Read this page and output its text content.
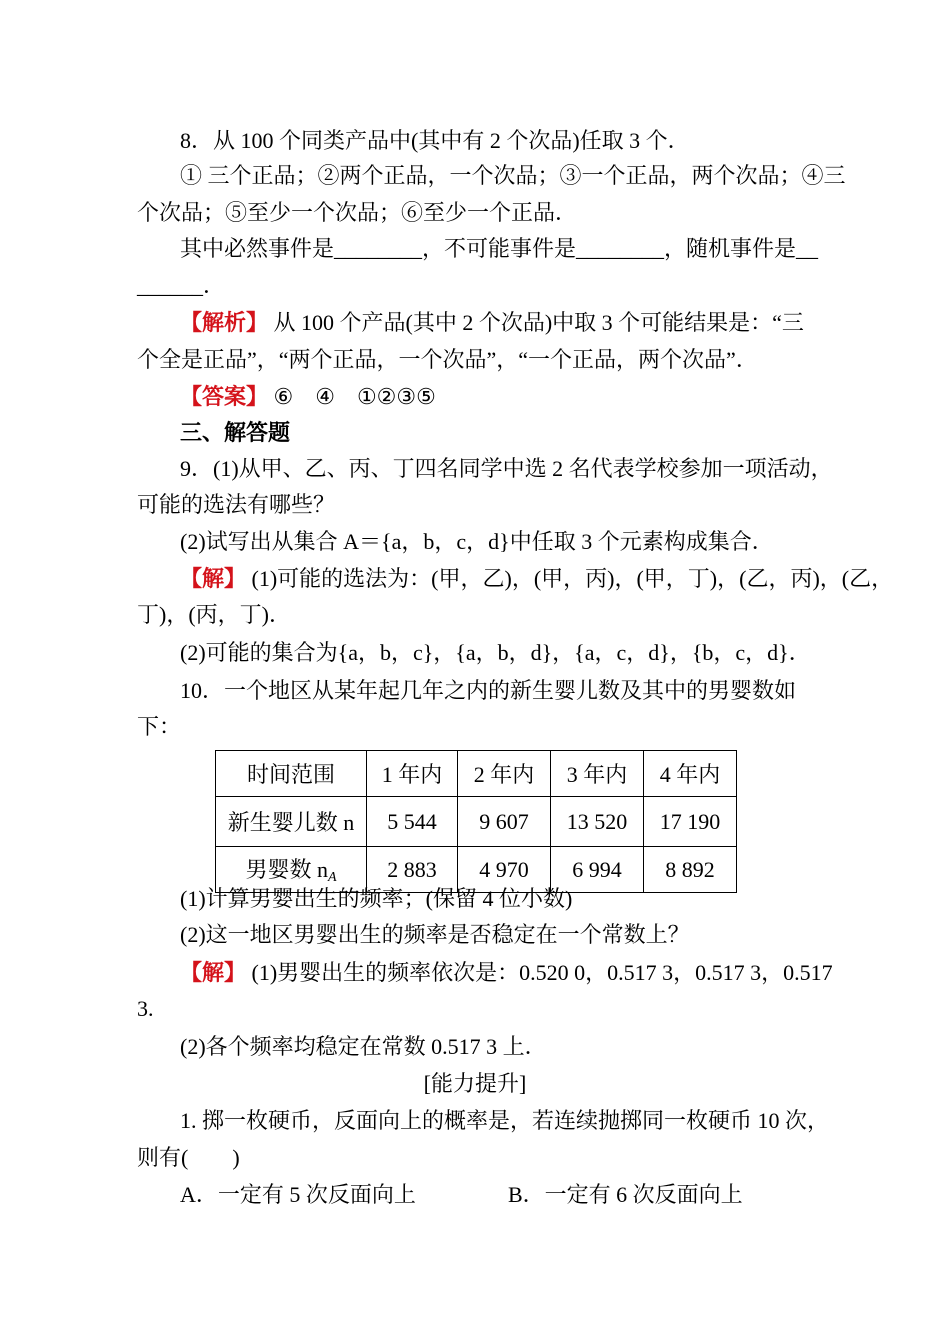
8．从 100 个同类产品中(其中有 2 个次品)任取 3 个．
① 三个正品；②两个正品，一个次品；③一个正品，两个次品；④三
个次品；⑤至少一个次品；⑥至少一个正品．
其中必然事件是________，不可能事件是________，随机事件是__
______．
【解析】 从 100 个产品(其中 2 个次品)中取 3 个可能结果是：“三
个全是正品”，“两个正品，一个次品”，“一个正品，两个次品”．
【答案】 ⑥　④　①②③⑤
三、解答题
9．(1)从甲、乙、丙、丁四名同学中选 2 名代表学校参加一项活动，
可能的选法有哪些？
(2)试写出从集合 A＝{a，b，c，d}中任取 3 个元素构成集合．
【解】 (1)可能的选法为：(甲，乙)，(甲，丙)，(甲，丁)，(乙，丙)，(乙，
丁)，(丙，丁)．
(2)可能的集合为{a，b，c}，{a，b，d}，{a，c，d}，{b，c，d}．
10．一个地区从某年起几年之内的新生婴儿数及其中的男婴数如
下：
时间范围	1 年内	2 年内	3 年内	4 年内
新生婴儿数 n	5 544	9 607	13 520	17 190
男婴数 $n_A$	2 883	4 970	6 994	8 892
(1)计算男婴出生的频率；(保留 4 位小数)
(2)这一地区男婴出生的频率是否稳定在一个常数上？
【解】 (1)男婴出生的频率依次是：0.520 0，0.517 3，0.517 3，0.517
3.
(2)各个频率均稳定在常数 0.517 3 上．
[能力提升]
1. 掷一枚硬币，反面向上的概率是，若连续抛掷同一枚硬币 10 次，
则有(　　)
A．一定有 5 次反面向上	B．一定有 6 次反面向上
